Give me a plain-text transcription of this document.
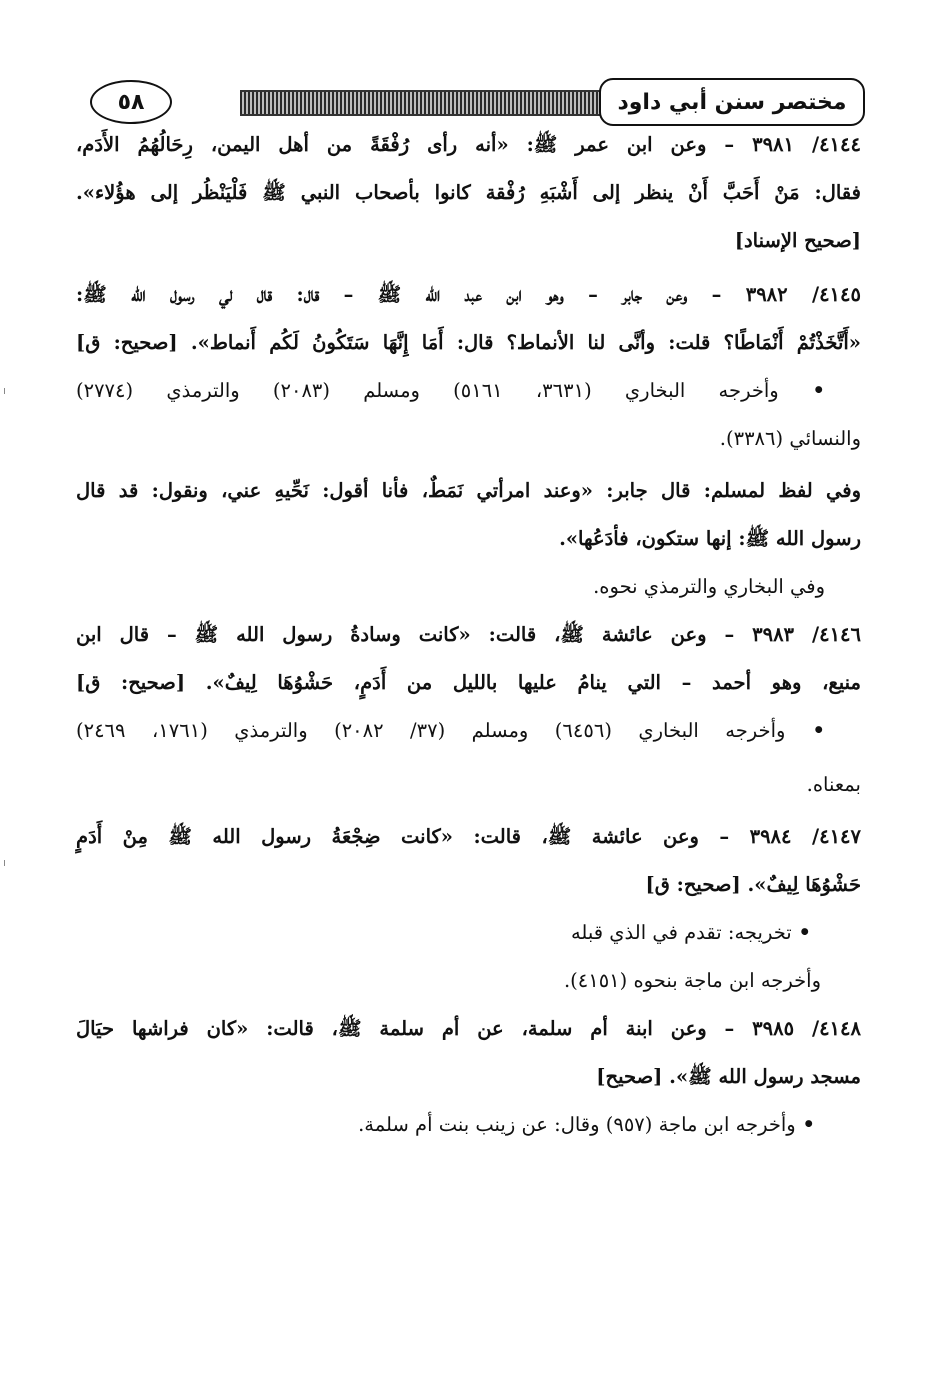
مختصر سنن أبي داود
٥٨

٤١٤٤/ ٣٩٨١ – وعن ابن عمر ﷺ: «أنه رأى رُفْقَةً من أهل اليمن، رِحَالُهُمُ الأَدَم،

فقال: مَنْ أَحَبَّ أَنْ ينظر إلى أَشْبَهِ رُفْقة كانوا بأصحاب النبي ﷺ فَلْيَنْظُر إلى هؤُلاء».

[صحيح الإسناد]

٤١٤٥/ ٣٩٨٢ – وعن جابر – وهو ابن عبد الله ﷺ – قال: قال لي رسول الله ﷺ:

«أَتَّخَذْتُمْ أَنْمَاطًا؟ قلت: وأنَّى لنا الأنماط؟ قال: أَمَا إِنَّهَا سَتَكُونُ لَكُم أَنماط». [صحيح: ق]

• وأخرجه البخاري (٣٦٣١، ٥١٦١) ومسلم (٢٠٨٣) والترمذي (٢٧٧٤)

والنسائي (٣٣٨٦).

وفي لفظ لمسلم: قال جابر: «وعند امرأتي نَمَطٌ، فأنا أقول: نَحِّيهِ عني، ونقول: قد قال

رسول الله ﷺ: إنها ستكون، فأدَعُها».

وفي البخاري والترمذي نحوه.

٤١٤٦/ ٣٩٨٣ – وعن عائشة ﷺ، قالت: «كانت وسادةُ رسول الله ﷺ – قال ابن

منيع، وهو أحمد – التي ينامُ عليها بالليل من أَدَمٍ، حَشْوُهَا لِيفٌ». [صحيح: ق]

• وأخرجه البخاري (٦٤٥٦) ومسلم (٣٧/ ٢٠٨٢) والترمذي (١٧٦١، ٢٤٦٩)

بمعناه.

٤١٤٧/ ٣٩٨٤ – وعن عائشة ﷺ، قالت: «كانت ضِجْعَةُ رسول الله ﷺ مِنْ أَدَمٍ

حَشْوُهَا لِيفٌ». [صحيح: ق]

• تخريجه: تقدم في الذي قبله

وأخرجه ابن ماجة بنحوه (٤١٥١).

٤١٤٨/ ٣٩٨٥ – وعن ابنة أم سلمة، عن أم سلمة ﷺ، قالت: «كان فراشها حيَالَ

مسجد رسول الله ﷺ». [صحيح]

• وأخرجه ابن ماجة (٩٥٧) وقال: عن زينب بنت أم سلمة.
